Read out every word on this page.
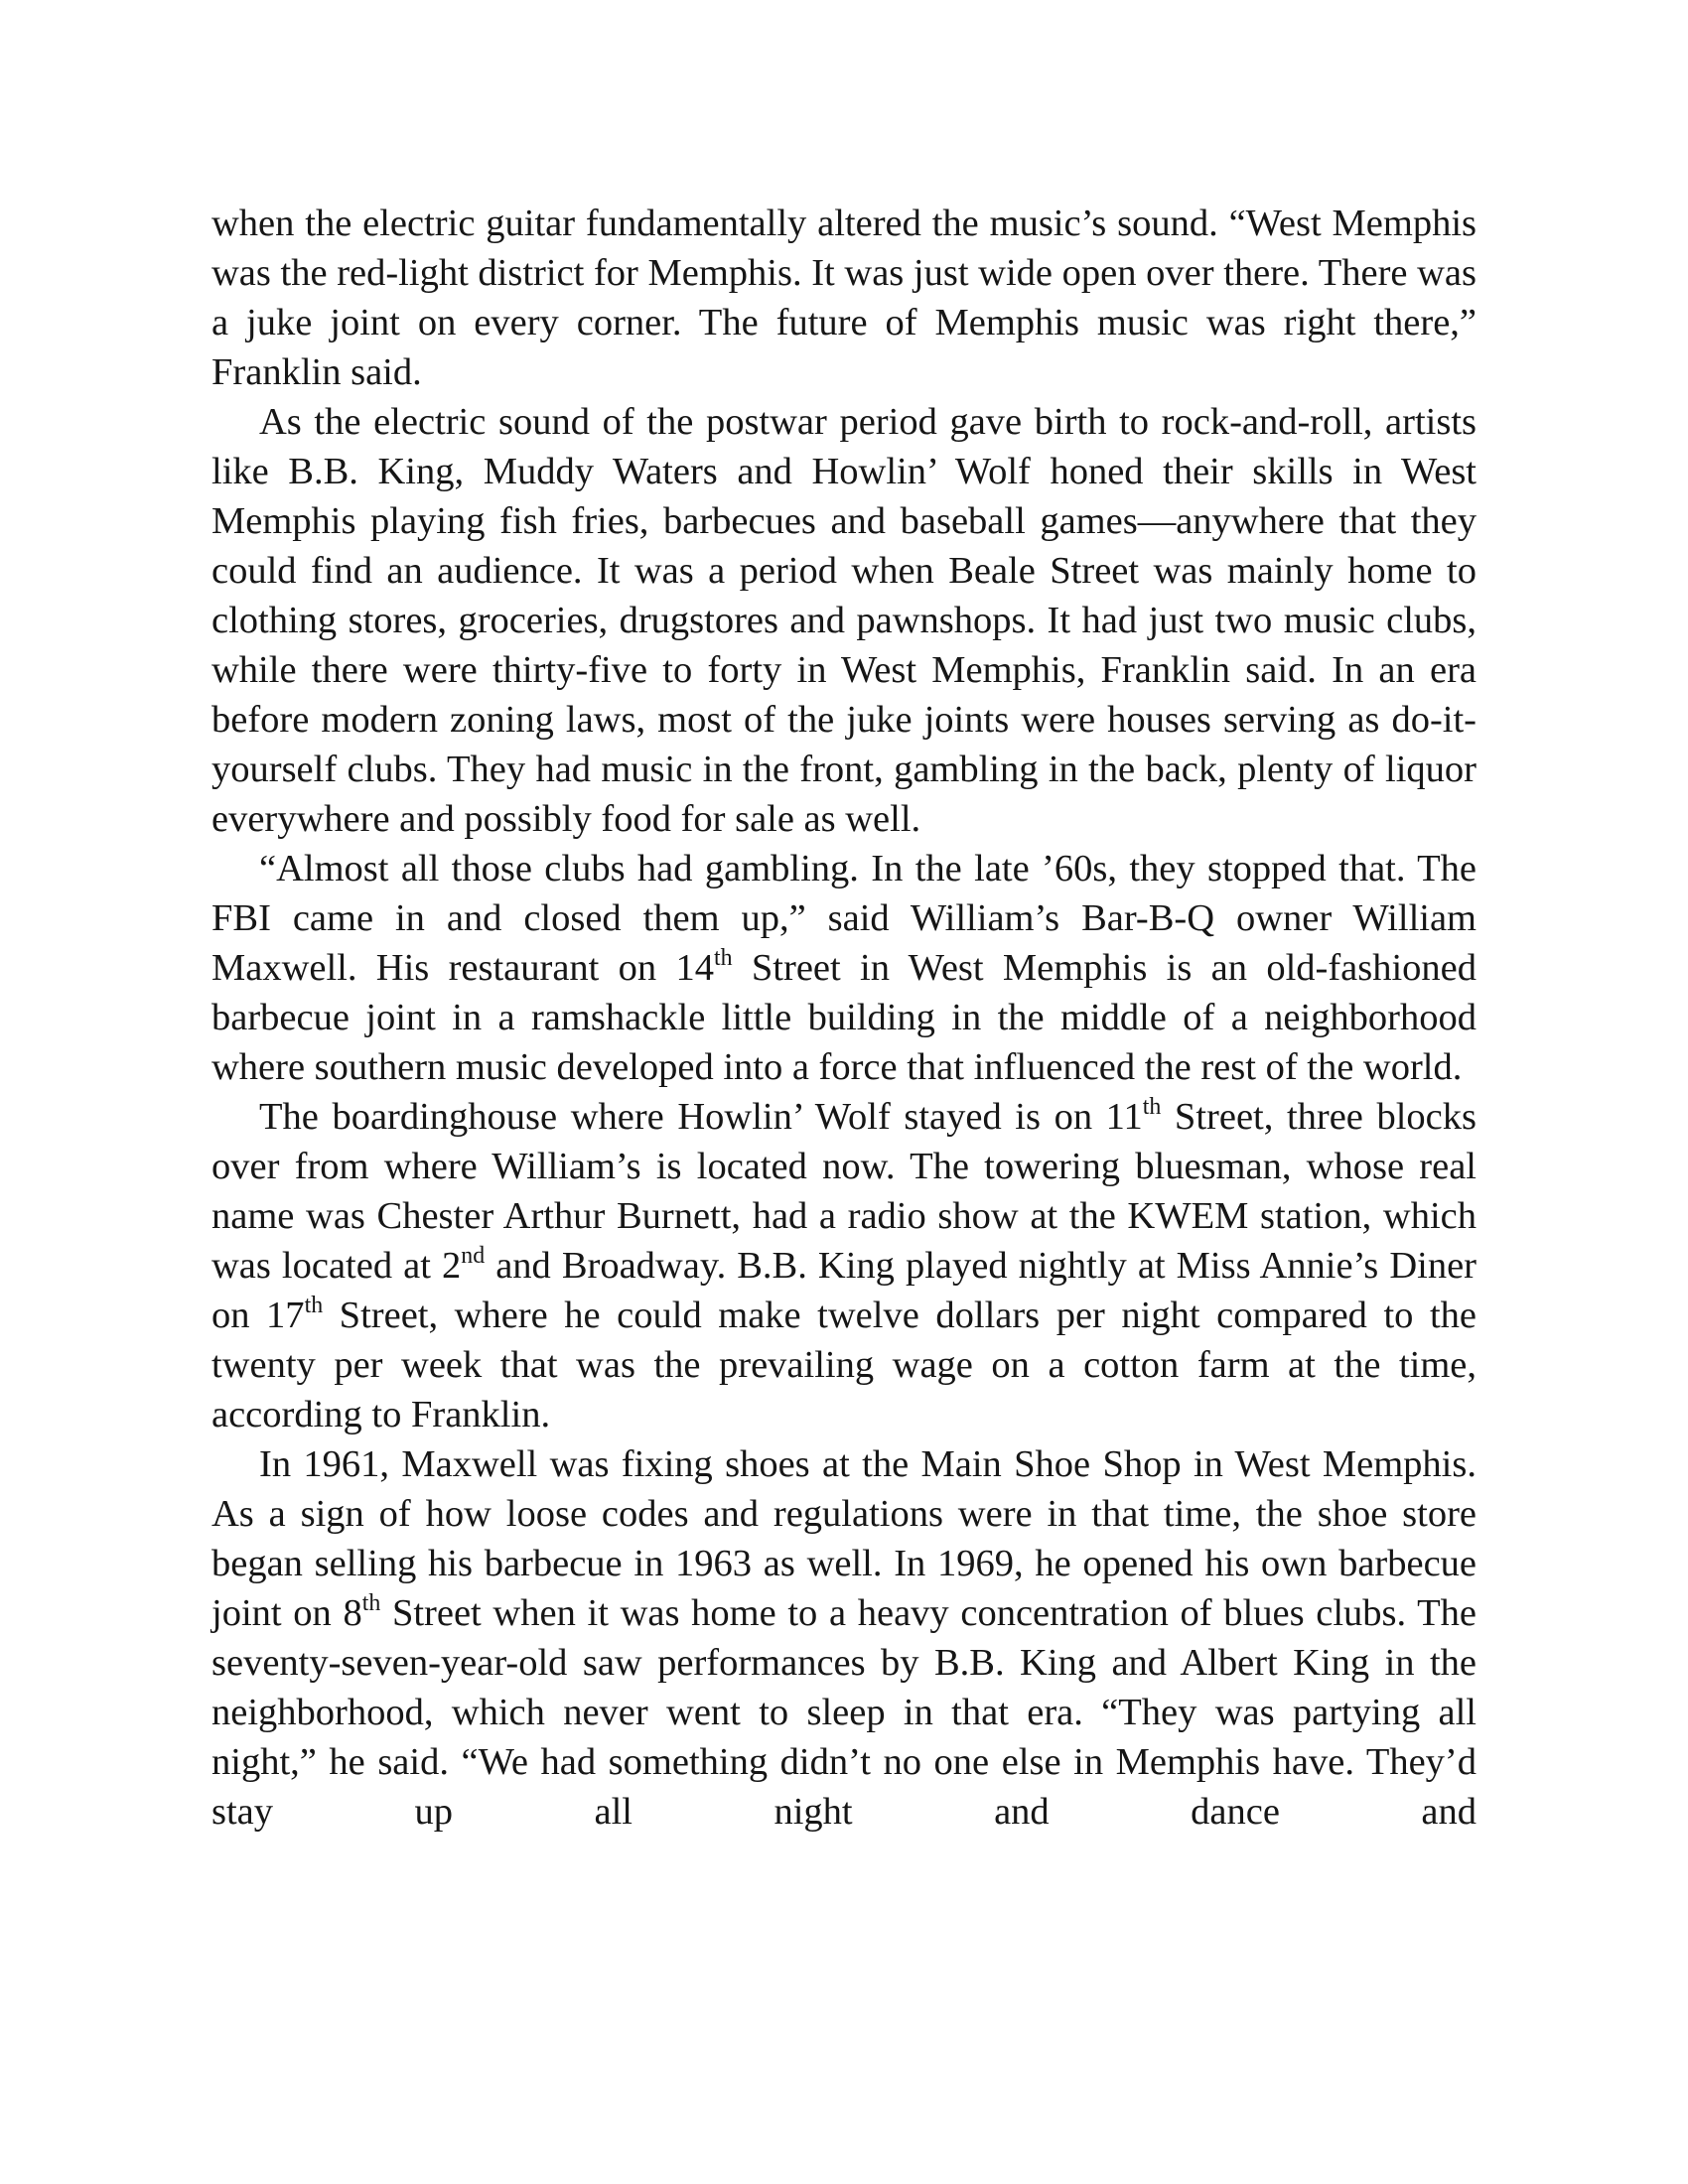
when the electric guitar fundamentally altered the music’s sound. “West Memphis was the red-light district for Memphis. It was just wide open over there. There was a juke joint on every corner. The future of Memphis music was right there,” Franklin said.

As the electric sound of the postwar period gave birth to rock-and-roll, artists like B.B. King, Muddy Waters and Howlin’ Wolf honed their skills in West Memphis playing fish fries, barbecues and baseball games—anywhere that they could find an audience. It was a period when Beale Street was mainly home to clothing stores, groceries, drugstores and pawnshops. It had just two music clubs, while there were thirty-five to forty in West Memphis, Franklin said. In an era before modern zoning laws, most of the juke joints were houses serving as do-it-yourself clubs. They had music in the front, gambling in the back, plenty of liquor everywhere and possibly food for sale as well.

“Almost all those clubs had gambling. In the late ’60s, they stopped that. The FBI came in and closed them up,” said William’s Bar-B-Q owner William Maxwell. His restaurant on 14th Street in West Memphis is an old-fashioned barbecue joint in a ramshackle little building in the middle of a neighborhood where southern music developed into a force that influenced the rest of the world.

The boardinghouse where Howlin’ Wolf stayed is on 11th Street, three blocks over from where William’s is located now. The towering bluesman, whose real name was Chester Arthur Burnett, had a radio show at the KWEM station, which was located at 2nd and Broadway. B.B. King played nightly at Miss Annie’s Diner on 17th Street, where he could make twelve dollars per night compared to the twenty per week that was the prevailing wage on a cotton farm at the time, according to Franklin.

In 1961, Maxwell was fixing shoes at the Main Shoe Shop in West Memphis. As a sign of how loose codes and regulations were in that time, the shoe store began selling his barbecue in 1963 as well. In 1969, he opened his own barbecue joint on 8th Street when it was home to a heavy concentration of blues clubs. The seventy-seven-year-old saw performances by B.B. King and Albert King in the neighborhood, which never went to sleep in that era. “They was partying all night,” he said. “We had something didn’t no one else in Memphis have. They’d stay up all night and dance and
